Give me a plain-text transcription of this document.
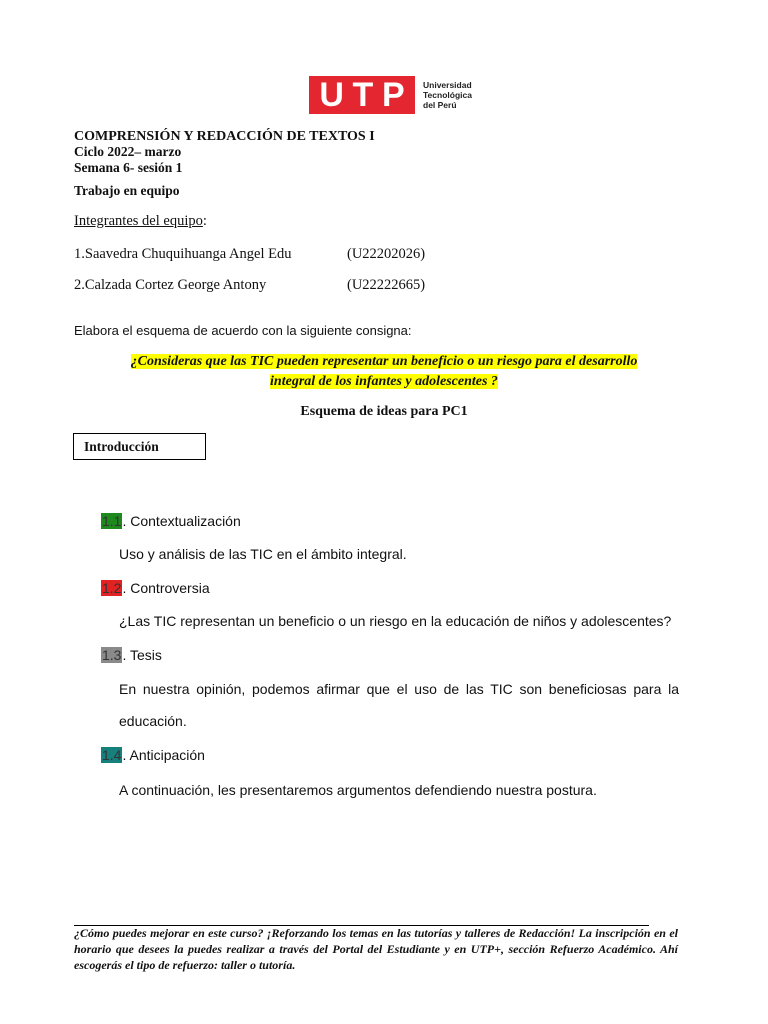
U T P Universidad
Tecnológica
del Perú
COMPRENSIÓN Y REDACCIÓN DE TEXTOS I
Ciclo 2022– marzo
Semana 6- sesión 1
Trabajo en equipo
Integrantes del equipo:
1.Saavedra Chuquihuanga Angel Edu	(U22202026)
2.Calzada Cortez George Antony	(U22222665)
Elabora el esquema de acuerdo con la siguiente consigna:
¿Consideras que las TIC pueden representar un beneficio o un riesgo para el desarrollo
integral de los infantes y adolescentes ?
Esquema de ideas para PC1
Introducción
1.1. Contextualización
Uso y análisis de las TIC en el ámbito integral.
1.2. Controversia
¿Las TIC representan un beneficio o un riesgo en la educación de niños y adolescentes?
1.3. Tesis
En nuestra opinión, podemos afirmar que el uso de las TIC son beneficiosas para la
educación.
1.4. Anticipación
A continuación, les presentaremos argumentos defendiendo nuestra postura.
¿Cómo puedes mejorar en este curso? ¡Reforzando los temas en las tutorías y talleres de Redacción! La inscripción en el horario que desees la puedes realizar a través del Portal del Estudiante y en UTP+, sección Refuerzo Académico. Ahí escogerás el tipo de refuerzo: taller o tutoría.
